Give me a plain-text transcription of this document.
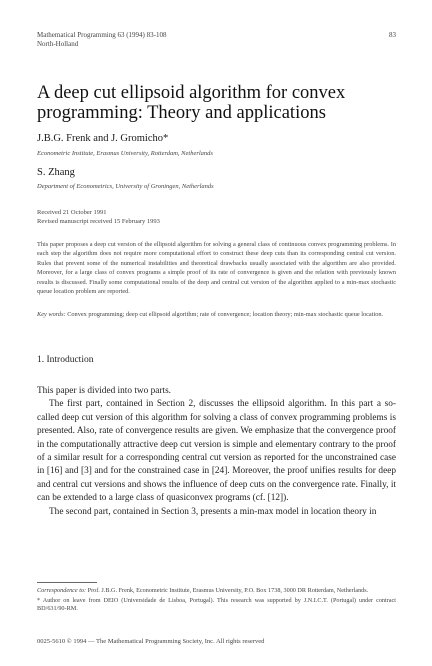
Mathematical Programming 63 (1994) 83-108
North-Holland
83
A deep cut ellipsoid algorithm for convex programming: Theory and applications
J.B.G. Frenk and J. Gromicho*
Econometric Institute, Erasmus University, Rotterdam, Netherlands
S. Zhang
Department of Econometrics, University of Groningen, Netherlands
Received 21 October 1991
Revised manuscript received 15 February 1993
This paper proposes a deep cut version of the ellipsoid algorithm for solving a general class of continuous convex programming problems. In each step the algorithm does not require more computational effort to construct these deep cuts than its corresponding central cut version. Rules that prevent some of the numerical instabilities and theoretical drawbacks usually associated with the algorithm are also provided. Moreover, for a large class of convex programs a simple proof of its rate of convergence is given and the relation with previously known results is discussed. Finally some computational results of the deep and central cut version of the algorithm applied to a min-max stochastic queue location problem are reported.
Key words: Convex programming; deep cut ellipsoid algorithm; rate of convergence; location theory; min-max stochastic queue location.
1. Introduction

This paper is divided into two parts.

The first part, contained in Section 2, discusses the ellipsoid algorithm. In this part a so-called deep cut version of this algorithm for solving a class of convex programming problems is presented. Also, rate of convergence results are given. We emphasize that the convergence proof in the computationally attractive deep cut version is simple and elementary contrary to the proof of a similar result for a corresponding central cut version as reported for the unconstrained case in [16] and [3] and for the constrained case in [24]. Moreover, the proof unifies results for deep and central cut versions and shows the influence of deep cuts on the convergence rate. Finally, it can be extended to a large class of quasiconvex programs (cf. [12]).

The second part, contained in Section 3, presents a min-max model in location theory in

Correspondence to: Prof. J.B.G. Frenk, Econometric Institute, Erasmus University, P.O. Box 1738, 3000 DR Rotterdam, Netherlands.

* Author on leave from DEIO (Universidade de Lisboa, Portugal). This research was supported by J.N.I.C.T. (Portugal) under contract BD/631/90-RM.

0025-5610 © 1994 — The Mathematical Programming Society, Inc. All rights reserved
